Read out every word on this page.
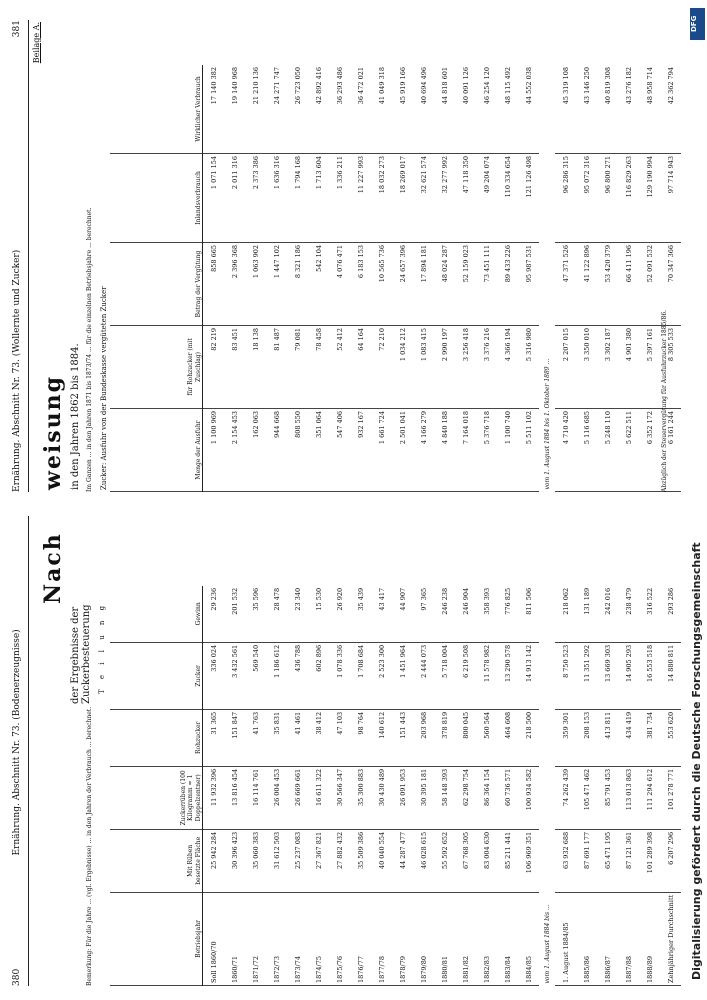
380
Ernährung. Abschnitt Nr. 73. (Bodenerzeugnisse)
Nach
der Ergebnisse der Zuckerbesteuerung
Bemerkung: Für die Jahre ... (vgl. Ergebnisse) ... in den Jahren der Verbrauch ... berechnet.
T e i l u n g
Betriebsjahr	Mit Rüben besetzte Fläche	Zuckerrüben (100 Kilogramm = 1 Doppelzentner)	Rohzucker	Zucker	Gewinn
Soll 1860/70	25 942 284	11 932 396	31 365	336 024	29 236
1860/71	30 396 423	13 816 454	151 847	3 432 561	201 532
1871/72	35 060 383	16 114 761	41 763	569 540	35 596
1872/73	31 612 503	26 004 453	35 831	1 186 612	28 478
1873/74	25 237 083	26 669 661	41 461	436 788	23 340
1874/75	27 367 821	16 611 322	38 412	602 896	15 530
1875/76	27 882 432	30 566 347	47 103	1 078 336	26 920
1876/77	35 509 386	35 300 883	98 764	1 708 684	35 439
1877/78	40 040 554	30 430 489	140 612	2 523 300	43 417
1878/79	44 287 477	26 091 953	151 443	1 451 964	44 907
1879/80	46 028 615	30 395 181	203 968	2 444 073	97 365
1880/81	55 592 652	58 148 393	378 819	5 718 004	246 238
1881/82	67 768 305	62 298 754	800 045	6 219 508	246 904
1882/83	83 004 630	86 364 154	560 564	11 578 982	358 393
1883/84	85 211 441	60 736 571	464 608	13 290 578	776 825
1884/85	106 969 351	100 934 582	218 500	14 913 142	811 506
vom 1. August 1884 bis ...					
1. August 1884/85	63 932 688	74 262 439	359 301	8 750 523	218 062
1885/86	87 691 177	105 471 462	208 153	11 351 292	131 189
1886/87	65 471 195	85 791 453	413 811	13 669 303	242 016
1887/88	87 121 361	113 013 863	434 419	14 905 293	238 479
1888/89	101 289 398	111 294 612	381 734	16 553 518	316 522
Zehnjähriger Durchschnitt	6 207 296	101 278 771	553 620	14 880 811	293 286
Ernährung. Abschnitt Nr. 73. (Wollernte und Zucker)
381	Beilage A.
weisung in den Jahren 1862 bis 1884. Im Ganzen ... in den Jahren 1871 bis 1873/74 ... für die einzelnen Betriebsjahre ... berechnet. Zucker: Ausfuhr von der Bundeskasse vergüteten Zucker	Menge der Ausfuhr	für Rohzucker (mit Zuschlag)	Betrag der Vergütung	Inlandsverbrauch	Wirklicher Verbrauch
1 100 969	82 219	858 665	1 071 154	17 140 382
2 154 453	83 451	2 396 368	2 011 316	19 140 968
162 063	18 138	1 063 902	2 373 386	21 210 136
944 668	81 487	1 447 102	1 636 316	24 271 747
808 550	79 081	8 321 186	1 794 168	26 723 050
351 064	78 458	542 104	1 713 604	42 892 416
547 406	52 412	4 076 471	1 336 211	36 293 486
932 167	64 164	6 183 153	11 227 993	36 472 021
1 661 724	72 210	10 565 736	18 032 273	41 049 318
2 501 041	1 034 212	24 657 396	18 269 017	45 919 166
4 166 279	1 083 415	17 894 181	32 621 574	40 694 496
4 840 188	2 990 197	48 024 287	32 277 992	44 818 601
7 164 018	3 256 418	52 159 023	47 118 350	40 091 126
5 376 718	3 376 216	73 451 111	49 204 074	46 254 120
1 100 740	4 366 194	89 433 226	110 334 654	48 115 492
5 511 102	5 316 980	95 987 531	121 126 498	44 552 038
vom 1. August 1884 bis 1. Oktober 1889 ...				
4 710 420	2 207 015	47 371 526	96 286 315	45 319 108
5 116 685	3 350 010	41 122 896	95 072 316	43 146 250
5 248 110	3 302 187	53 420 379	96 800 271	40 819 308
5 622 511	4 901 380	66 411 196	116 829 263	43 276 182
6 352 172	5 397 161	52 091 532	129 190 994	48 958 714
6 161 244	8 305 533	70 347 366	97 714 943	42 362 794
Abzüglich der Steuervergütung für Ausfuhrzucker 1885/86.
Digitalisierung gefördert durch die Deutsche Forschungsgemeinschaft
DFG
